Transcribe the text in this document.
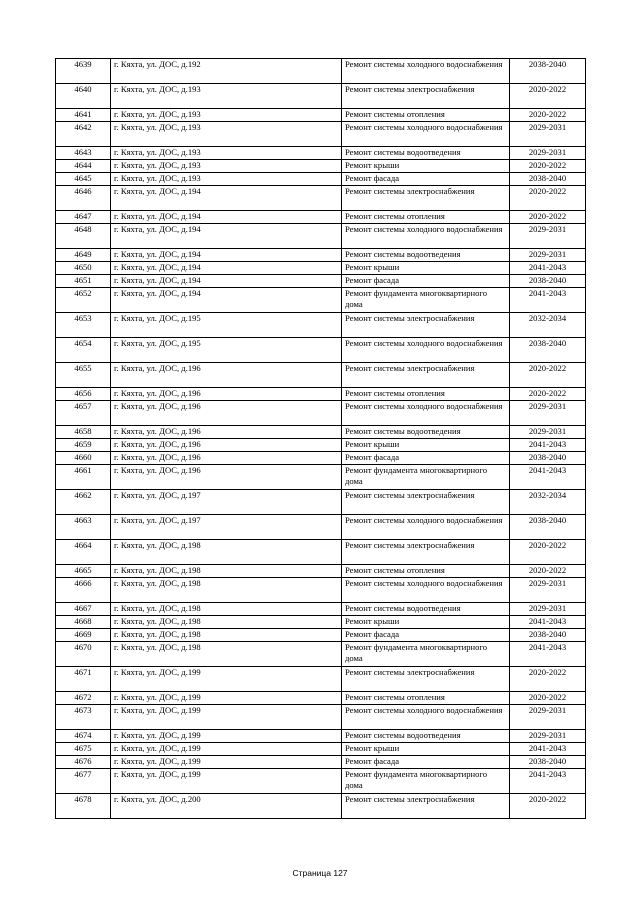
4639	г. Кяхта, ул. ДОС, д.192	Ремонт системы холодного водоснабжения	2038-2040
4640	г. Кяхта, ул. ДОС, д.193	Ремонт системы электроснабжения	2020-2022
4641	г. Кяхта, ул. ДОС, д.193	Ремонт системы отопления	2020-2022
4642	г. Кяхта, ул. ДОС, д.193	Ремонт системы холодного водоснабжения	2029-2031
4643	г. Кяхта, ул. ДОС, д.193	Ремонт системы водоотведения	2029-2031
4644	г. Кяхта, ул. ДОС, д.193	Ремонт крыши	2020-2022
4645	г. Кяхта, ул. ДОС, д.193	Ремонт фасада	2038-2040
4646	г. Кяхта, ул. ДОС, д.194	Ремонт системы электроснабжения	2020-2022
4647	г. Кяхта, ул. ДОС, д.194	Ремонт системы отопления	2020-2022
4648	г. Кяхта, ул. ДОС, д.194	Ремонт системы холодного водоснабжения	2029-2031
4649	г. Кяхта, ул. ДОС, д.194	Ремонт системы водоотведения	2029-2031
4650	г. Кяхта, ул. ДОС, д.194	Ремонт крыши	2041-2043
4651	г. Кяхта, ул. ДОС, д.194	Ремонт фасада	2038-2040
4652	г. Кяхта, ул. ДОС, д.194	Ремонт фундамента многоквартирного дома	2041-2043
4653	г. Кяхта, ул. ДОС, д.195	Ремонт системы электроснабжения	2032-2034
4654	г. Кяхта, ул. ДОС, д.195	Ремонт системы холодного водоснабжения	2038-2040
4655	г. Кяхта, ул. ДОС, д.196	Ремонт системы электроснабжения	2020-2022
4656	г. Кяхта, ул. ДОС, д.196	Ремонт системы отопления	2020-2022
4657	г. Кяхта, ул. ДОС, д.196	Ремонт системы холодного водоснабжения	2029-2031
4658	г. Кяхта, ул. ДОС, д.196	Ремонт системы водоотведения	2029-2031
4659	г. Кяхта, ул. ДОС, д.196	Ремонт крыши	2041-2043
4660	г. Кяхта, ул. ДОС, д.196	Ремонт фасада	2038-2040
4661	г. Кяхта, ул. ДОС, д.196	Ремонт фундамента многоквартирного дома	2041-2043
4662	г. Кяхта, ул. ДОС, д.197	Ремонт системы электроснабжения	2032-2034
4663	г. Кяхта, ул. ДОС, д.197	Ремонт системы холодного водоснабжения	2038-2040
4664	г. Кяхта, ул. ДОС, д.198	Ремонт системы электроснабжения	2020-2022
4665	г. Кяхта, ул. ДОС, д.198	Ремонт системы отопления	2020-2022
4666	г. Кяхта, ул. ДОС, д.198	Ремонт системы холодного водоснабжения	2029-2031
4667	г. Кяхта, ул. ДОС, д.198	Ремонт системы водоотведения	2029-2031
4668	г. Кяхта, ул. ДОС, д.198	Ремонт крыши	2041-2043
4669	г. Кяхта, ул. ДОС, д.198	Ремонт фасада	2038-2040
4670	г. Кяхта, ул. ДОС, д.198	Ремонт фундамента многоквартирного дома	2041-2043
4671	г. Кяхта, ул. ДОС, д.199	Ремонт системы электроснабжения	2020-2022
4672	г. Кяхта, ул. ДОС, д.199	Ремонт системы отопления	2020-2022
4673	г. Кяхта, ул. ДОС, д.199	Ремонт системы холодного водоснабжения	2029-2031
4674	г. Кяхта, ул. ДОС, д.199	Ремонт системы водоотведения	2029-2031
4675	г. Кяхта, ул. ДОС, д.199	Ремонт крыши	2041-2043
4676	г. Кяхта, ул. ДОС, д.199	Ремонт фасада	2038-2040
4677	г. Кяхта, ул. ДОС, д.199	Ремонт фундамента многоквартирного дома	2041-2043
4678	г. Кяхта, ул. ДОС, д.200	Ремонт системы электроснабжения	2020-2022
Страница 127
